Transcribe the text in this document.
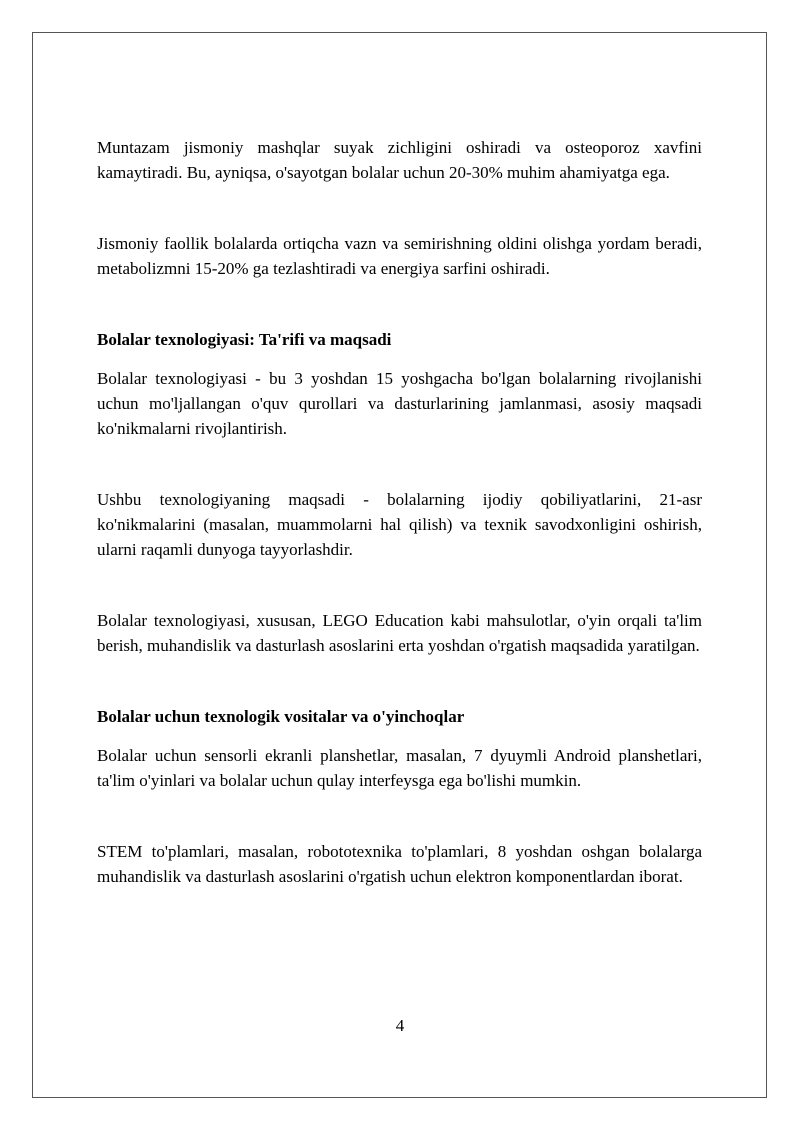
Muntazam jismoniy mashqlar suyak zichligini oshiradi va osteoporoz xavfini kamaytiradi. Bu, ayniqsa, o'sayotgan bolalar uchun 20-30% muhim ahamiyatga ega.

Jismoniy faollik bolalarda ortiqcha vazn va semirishning oldini olishga yordam beradi, metabolizmni 15-20% ga tezlashtiradi va energiya sarfini oshiradi.

Bolalar texnologiyasi: Ta'rifi va maqsadi

Bolalar texnologiyasi - bu 3 yoshdan 15 yoshgacha bo'lgan bolalarning rivojlanishi uchun mo'ljallangan o'quv qurollari va dasturlarining jamlanmasi, asosiy maqsadi ko'nikmalarni rivojlantirish.

Ushbu texnologiyaning maqsadi - bolalarning ijodiy qobiliyatlarini, 21-asr ko'nikmalarini (masalan, muammolarni hal qilish) va texnik savodxonligini oshirish, ularni raqamli dunyoga tayyorlashdir.

Bolalar texnologiyasi, xususan, LEGO Education kabi mahsulotlar, o'yin orqali ta'lim berish, muhandislik va dasturlash asoslarini erta yoshdan o'rgatish maqsadida yaratilgan.

Bolalar uchun texnologik vositalar va o'yinchoqlar

Bolalar uchun sensorli ekranli planshetlar, masalan, 7 dyuymli Android planshetlari, ta'lim o'yinlari va bolalar uchun qulay interfeysga ega bo'lishi mumkin.

STEM to'plamlari, masalan, robototexnika to'plamlari, 8 yoshdan oshgan bolalarga muhandislik va dasturlash asoslarini o'rgatish uchun elektron komponentlardan iborat.

4
